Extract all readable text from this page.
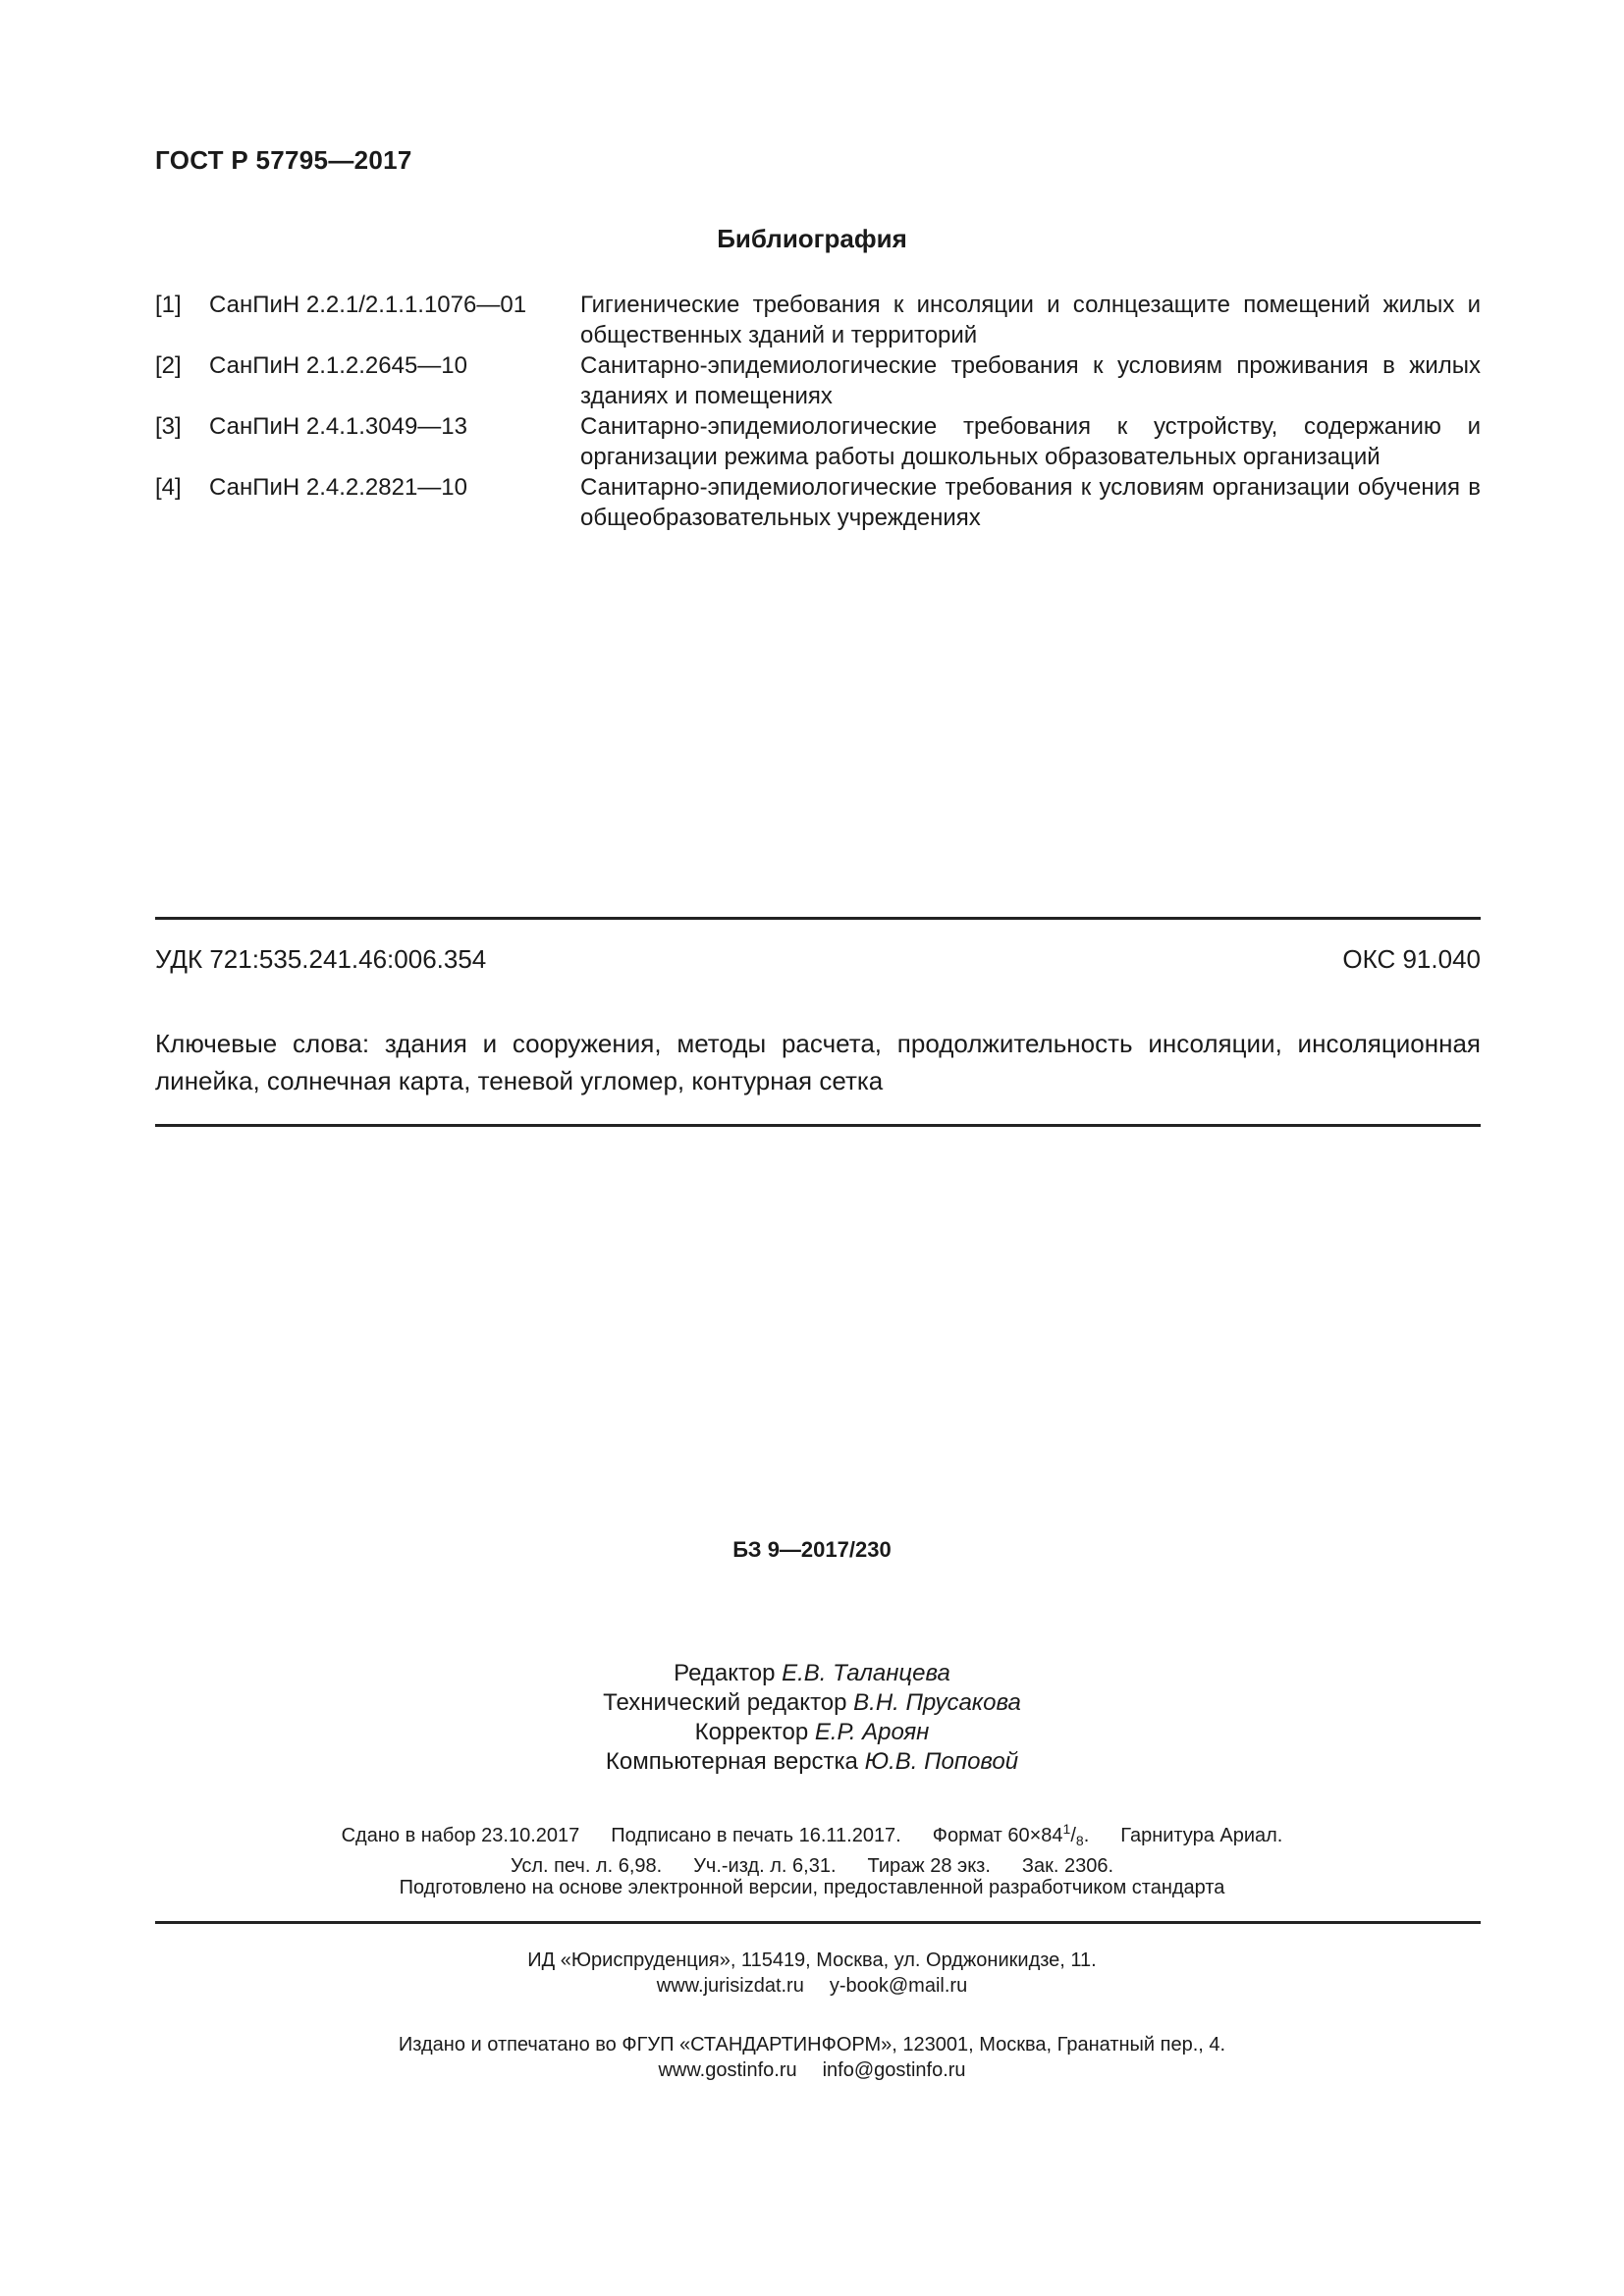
ГОСТ Р 57795—2017
Библиография
[1]	СанПиН 2.2.1/2.1.1.1076—01	Гигиенические требования к инсоляции и солнцезащите помещений жилых и общественных зданий и территорий
[2]	СанПиН 2.1.2.2645—10	Санитарно-эпидемиологические требования к условиям проживания в жилых зданиях и помещениях
[3]	СанПиН 2.4.1.3049—13	Санитарно-эпидемиологические требования к устройству, содержанию и организации режима работы дошкольных образовательных организаций
[4]	СанПиН 2.4.2.2821—10	Санитарно-эпидемиологические требования к условиям организации обучения в общеобразовательных учреждениях
УДК 721:535.241.46:006.354	ОКС 91.040
Ключевые слова: здания и сооружения, методы расчета, продолжительность инсоляции, инсоляционная линейка, солнечная карта, теневой угломер, контурная сетка
БЗ 9—2017/230
Редактор Е.В. Таланцева
Технический редактор В.Н. Прусакова
Корректор Е.Р. Ароян
Компьютерная верстка Ю.В. Поповой
Сдано в набор 23.10.2017 Подписано в печать 16.11.2017. Формат $60\times 84^1/_8$. Гарнитура Ариал.
Усл. печ. л. 6,98. Уч.-изд. л. 6,31. Тираж 28 экз. Зак. 2306.
Подготовлено на основе электронной версии, предоставленной разработчиком стандарта
ИД «Юриспруденция», 115419, Москва, ул. Орджоникидзе, 11.
www.jurisizdat.ru y-book@mail.ru
Издано и отпечатано во ФГУП «СТАНДАРТИНФОРМ», 123001, Москва, Гранатный пер., 4.
www.gostinfo.ru info@gostinfo.ru
